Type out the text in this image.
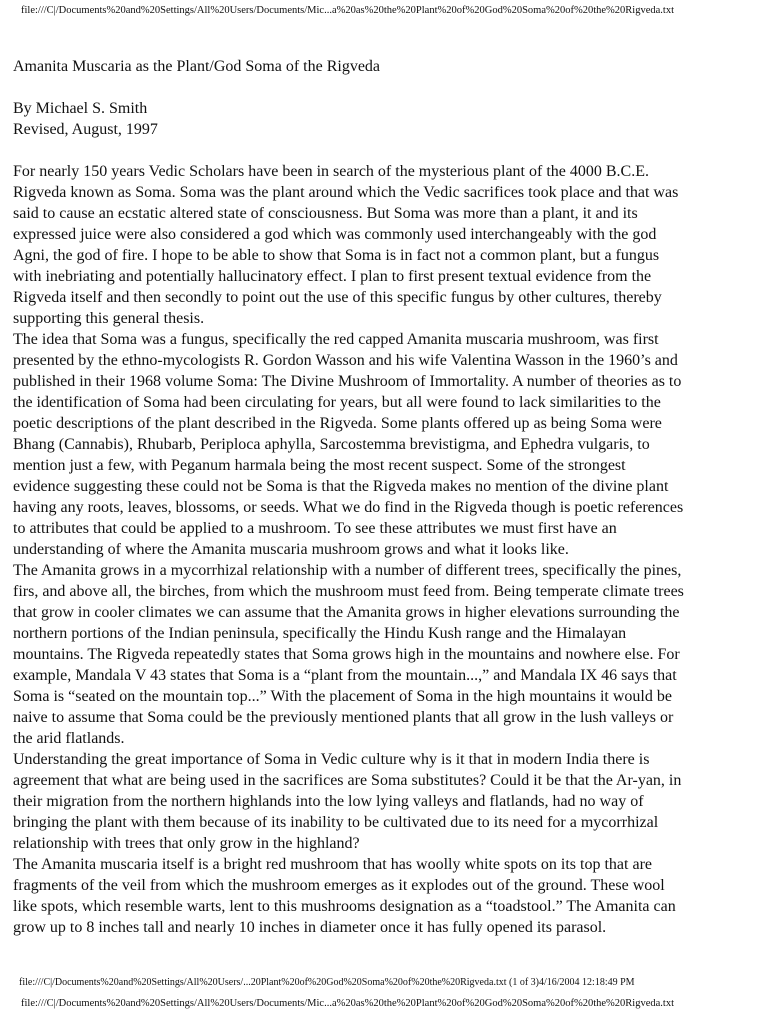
file:///C|/Documents%20and%20Settings/All%20Users/Documents/Mic...a%20as%20the%20Plant%20of%20God%20Soma%20of%20the%20Rigveda.txt
Amanita Muscaria as the Plant/God Soma of the Rigveda
By Michael S. Smith
Revised, August, 1997
For nearly 150 years Vedic Scholars have been in search of the mysterious plant of the 4000 B.C.E.
Rigveda known as Soma. Soma was the plant around which the Vedic sacrifices took place and that was
said to cause an ecstatic altered state of consciousness. But Soma was more than a plant, it and its
expressed juice were also considered a god which was commonly used interchangeably with the god
Agni, the god of fire. I hope to be able to show that Soma is in fact not a common plant, but a fungus
with inebriating and potentially hallucinatory effect. I plan to first present textual evidence from the
Rigveda itself and then secondly to point out the use of this specific fungus by other cultures, thereby
supporting this general thesis.
The idea that Soma was a fungus, specifically the red capped Amanita muscaria mushroom, was first
presented by the ethno-mycologists R. Gordon Wasson and his wife Valentina Wasson in the 1960’s and
published in their 1968 volume Soma: The Divine Mushroom of Immortality. A number of theories as to
the identification of Soma had been circulating for years, but all were found to lack similarities to the
poetic descriptions of the plant described in the Rigveda. Some plants offered up as being Soma were
Bhang (Cannabis), Rhubarb, Periploca aphylla, Sarcostemma brevistigma, and Ephedra vulgaris, to
mention just a few, with Peganum harmala being the most recent suspect. Some of the strongest
evidence suggesting these could not be Soma is that the Rigveda makes no mention of the divine plant
having any roots, leaves, blossoms, or seeds. What we do find in the Rigveda though is poetic references
to attributes that could be applied to a mushroom. To see these attributes we must first have an
understanding of where the Amanita muscaria mushroom grows and what it looks like.
The Amanita grows in a mycorrhizal relationship with a number of different trees, specifically the pines,
firs, and above all, the birches, from which the mushroom must feed from. Being temperate climate trees
that grow in cooler climates we can assume that the Amanita grows in higher elevations surrounding the
northern portions of the Indian peninsula, specifically the Hindu Kush range and the Himalayan
mountains. The Rigveda repeatedly states that Soma grows high in the mountains and nowhere else. For
example, Mandala V 43 states that Soma is a “plant from the mountain...,” and Mandala IX 46 says that
Soma is “seated on the mountain top...” With the placement of Soma in the high mountains it would be
naive to assume that Soma could be the previously mentioned plants that all grow in the lush valleys or
the arid flatlands.
Understanding the great importance of Soma in Vedic culture why is it that in modern India there is
agreement that what are being used in the sacrifices are Soma substitutes? Could it be that the Ar-yan, in
their migration from the northern highlands into the low lying valleys and flatlands, had no way of
bringing the plant with them because of its inability to be cultivated due to its need for a mycorrhizal
relationship with trees that only grow in the highland?
The Amanita muscaria itself is a bright red mushroom that has woolly white spots on its top that are
fragments of the veil from which the mushroom emerges as it explodes out of the ground. These wool
like spots, which resemble warts, lent to this mushrooms designation as a “toadstool.” The Amanita can
grow up to 8 inches tall and nearly 10 inches in diameter once it has fully opened its parasol.
file:///C|/Documents%20and%20Settings/All%20Users/...20Plant%20of%20God%20Soma%20of%20the%20Rigveda.txt (1 of 3)4/16/2004 12:18:49 PM
file:///C|/Documents%20and%20Settings/All%20Users/Documents/Mic...a%20as%20the%20Plant%20of%20God%20Soma%20of%20the%20Rigveda.txt
